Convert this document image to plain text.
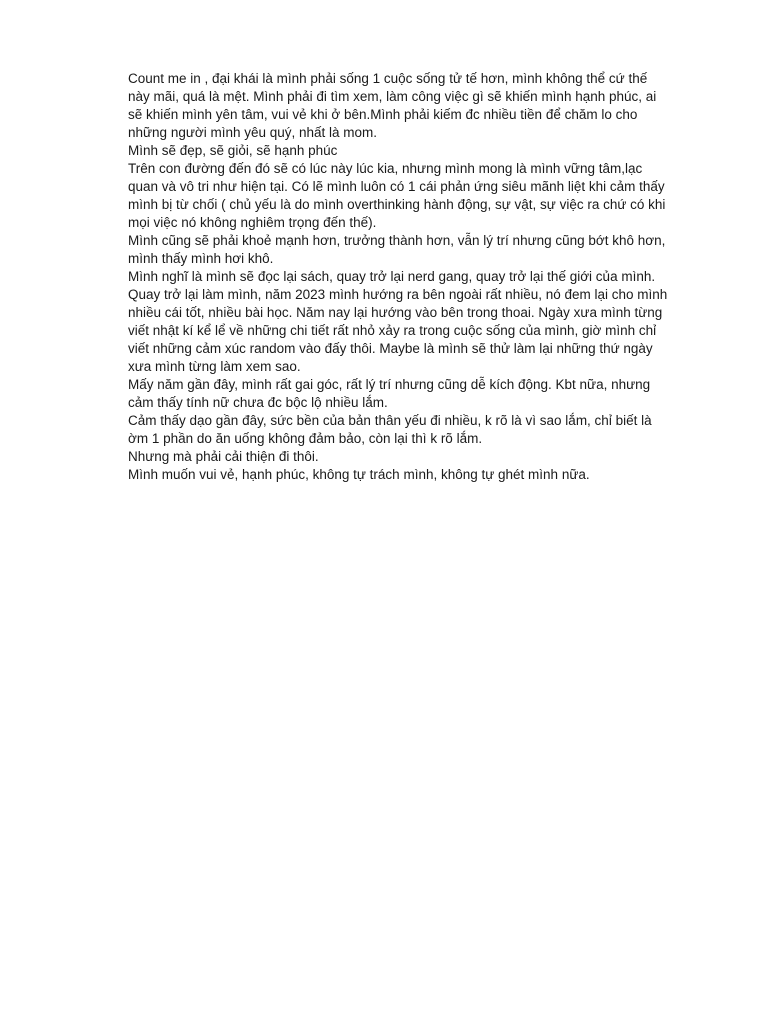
Count me in , đại khái là mình phải sống 1 cuộc sống tử tế hơn, mình không thể cứ thế
này mãi, quá là mệt. Mình phải đi tìm xem, làm công việc gì sẽ khiến mình hạnh phúc, ai
sẽ khiến mình yên tâm, vui vẻ khi ở bên.Mình phải kiếm đc nhiều tiền để chăm lo cho
những người mình yêu quý, nhất là mom.
Mình sẽ đẹp, sẽ giỏi, sẽ hạnh phúc
Trên con đường đến đó sẽ có lúc này lúc kia, nhưng mình mong là mình vững tâm,lạc
quan và vô tri như hiện tại. Có lẽ mình luôn có 1 cái phản ứng siêu mãnh liệt khi cảm thấy
mình bị từ chối ( chủ yếu là do mình overthinking hành động, sự vật, sự việc ra chứ có khi
mọi việc nó không nghiêm trọng đến thế).
Mình cũng sẽ phải khoẻ mạnh hơn, trưởng thành hơn, vẫn lý trí nhưng cũng bớt khô hơn,
mình thấy mình hơi khô.
Mình nghĩ là mình sẽ đọc lại sách, quay trở lại nerd gang, quay trở lại thế giới của mình.
Quay trở lại làm mình, năm 2023 mình hướng ra bên ngoài rất nhiều, nó đem lại cho mình
nhiều cái tốt, nhiều bài học. Năm nay lại hướng vào bên trong thoai. Ngày xưa mình từng
viết nhật kí kể lể về những chi tiết rất nhỏ xảy ra trong cuộc sống của mình, giờ mình chỉ
viết những cảm xúc random vào đấy thôi. Maybe là mình sẽ thử làm lại những thứ ngày
xưa mình từng làm xem sao.
Mấy năm gần đây, mình rất gai góc, rất lý trí nhưng cũng dễ kích động. Kbt nữa, nhưng
cảm thấy tính nữ chưa đc bộc lộ nhiều lắm.
Cảm thấy dạo gần đây, sức bền của bản thân yếu đi nhiều, k rõ là vì sao lắm, chỉ biết là
ờm 1 phần do ăn uống không đảm bảo, còn lại thì k rõ lắm.
Nhưng mà phải cải thiện đi thôi.
Mình muốn vui vẻ, hạnh phúc, không tự trách mình, không tự ghét mình nữa.
